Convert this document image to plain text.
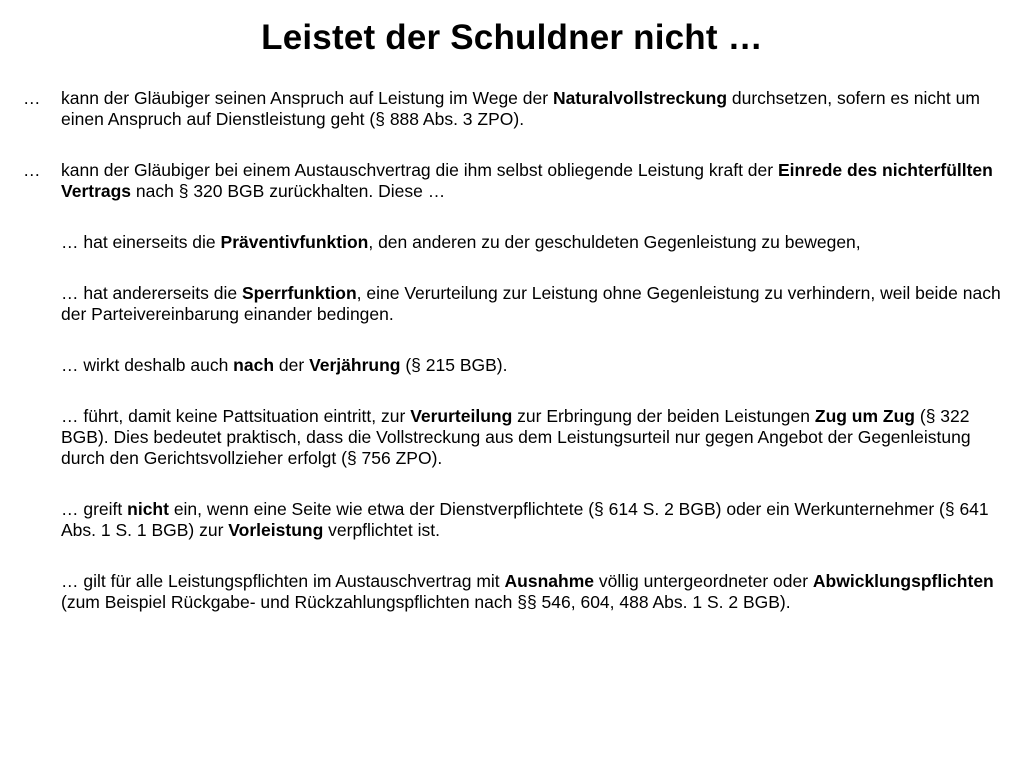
Leistet der Schuldner nicht …
… kann der Gläubiger seinen Anspruch auf Leistung im Wege der Naturalvollstreckung durchsetzen, sofern es nicht um einen Anspruch auf Dienstleistung geht (§ 888 Abs. 3 ZPO).
… kann der Gläubiger bei einem Austauschvertrag die ihm selbst obliegende Leistung kraft der Einrede des nichterfüllten Vertrags nach § 320 BGB zurückhalten. Diese …
… hat einerseits die Präventivfunktion, den anderen zu der geschuldeten Gegenleistung zu bewegen,
… hat andererseits die Sperrfunktion, eine Verurteilung zur Leistung ohne Gegenleistung zu verhindern, weil beide nach der Parteivereinbarung einander bedingen.
… wirkt deshalb auch nach der Verjährung (§ 215 BGB).
… führt, damit keine Pattsituation eintritt, zur Verurteilung zur Erbringung der beiden Leistungen Zug um Zug (§ 322 BGB). Dies bedeutet praktisch, dass die Vollstreckung aus dem Leistungsurteil nur gegen Angebot der Gegenleistung durch den Gerichtsvollzieher erfolgt (§ 756 ZPO).
… greift nicht ein, wenn eine Seite wie etwa der Dienstverpflichtete (§ 614 S. 2 BGB) oder ein Werkunternehmer (§ 641 Abs. 1 S. 1 BGB) zur Vorleistung verpflichtet ist.
… gilt für alle Leistungspflichten im Austauschvertrag mit Ausnahme völlig untergeordneter oder Abwicklungspflichten (zum Beispiel Rückgabe- und Rückzahlungspflichten nach §§ 546, 604, 488 Abs. 1 S. 2 BGB).
